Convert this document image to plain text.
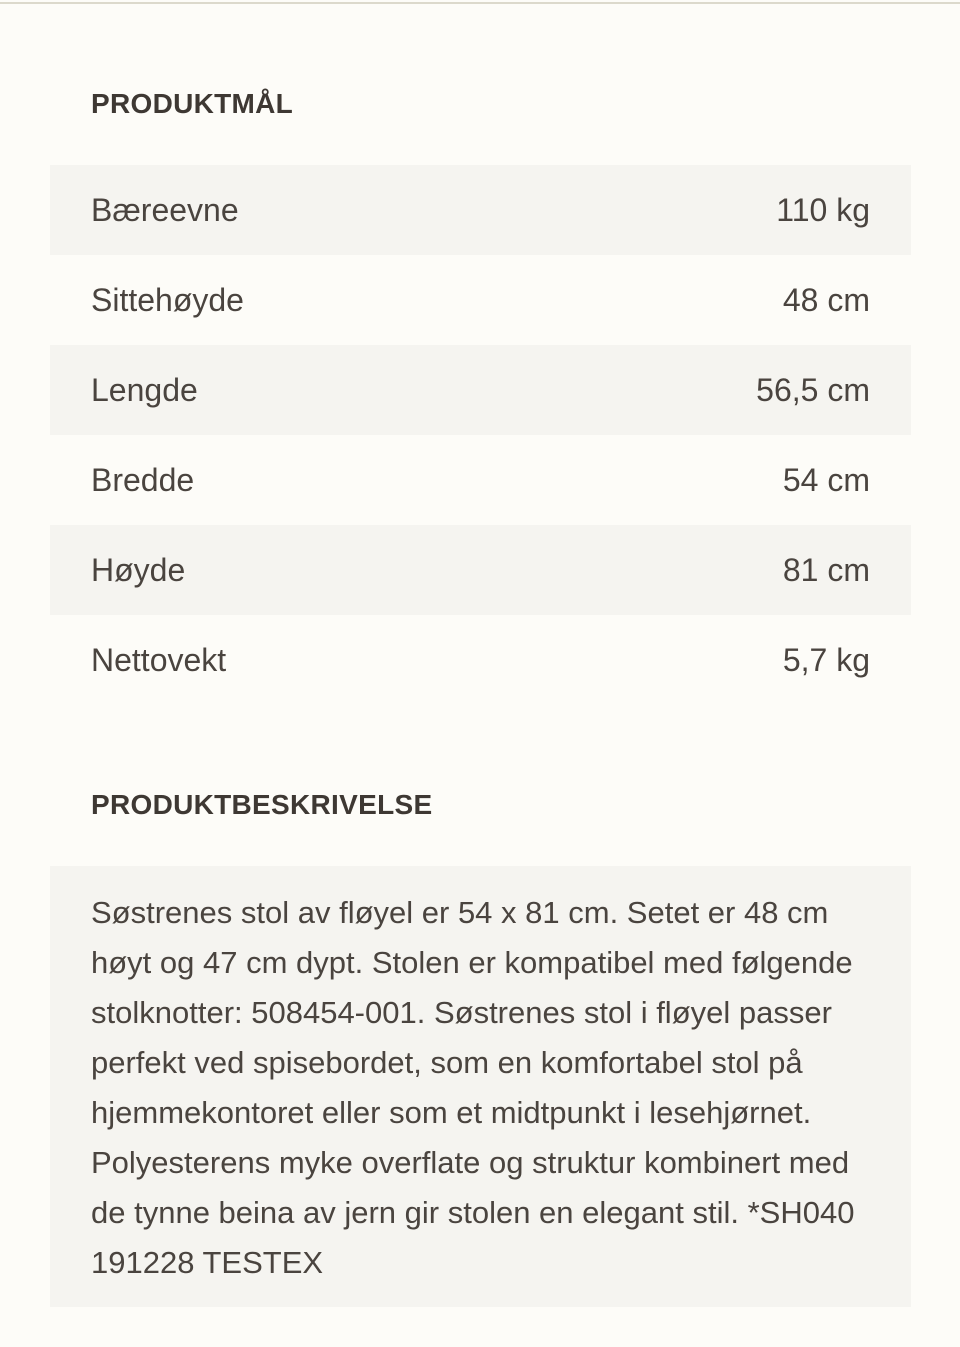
PRODUKTMÅL
Bæreevne	110 kg
Sittehøyde	48 cm
Lengde	56,5 cm
Bredde	54 cm
Høyde	81 cm
Nettovekt	5,7 kg
PRODUKTBESKRIVELSE

Søstrenes stol av fløyel er 54 x 81 cm. Setet er 48 cm høyt og 47 cm dypt. Stolen er kompatibel med følgende stolknotter: 508454-001. Søstrenes stol i fløyel passer perfekt ved spisebordet, som en komfortabel stol på hjemmekontoret eller som et midtpunkt i lesehjørnet. Polyesterens myke overflate og struktur kombinert med de tynne beina av jern gir stolen en elegant stil. *SH040 191228 TESTEX
